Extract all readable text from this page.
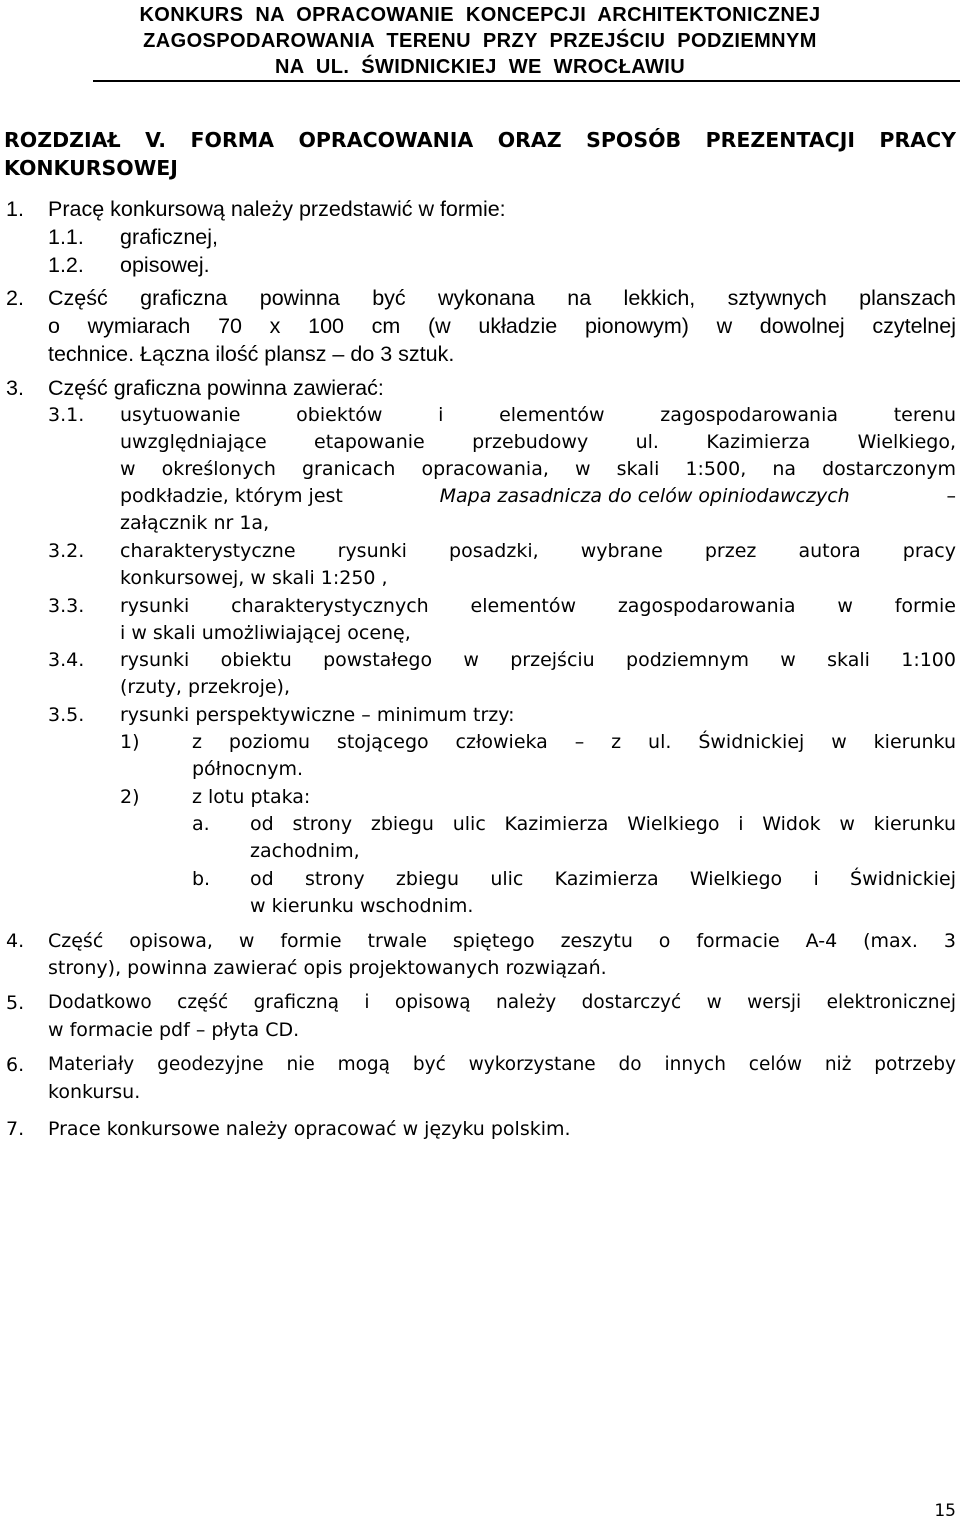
KONKURS NA OPRACOWANIE KONCEPCJI ARCHITEKTONICZNEJ
ZAGOSPODAROWANIA TERENU PRZY PRZEJŚCIU PODZIEMNYM
NA UL. ŚWIDNICKIEJ WE WROCŁAWIU
ROZDZIAŁ V. FORMA OPRACOWANIA ORAZ SPOSÓB PREZENTACJI PRACY
KONKURSOWEJ
1. Pracę konkursową należy przedstawić w formie:
1.1. graficznej,
1.2. opisowej.
2. Część graficzna powinna być wykonana na lekkich, sztywnych planszach
o wymiarach 70 x 100 cm (w układzie pionowym) w dowolnej czytelnej
technice. Łączna ilość plansz – do 3 sztuk.
3. Część graficzna powinna zawierać:
3.1. usytuowanie obiektów i elementów zagospodarowania terenu
uwzględniające etapowanie przebudowy ul. Kazimierza Wielkiego,
w określonych granicach opracowania, w skali 1:500, na dostarczonym
podkładzie, którym jest	Mapa zasadnicza do celów opiniodawczych	–
załącznik nr 1a,
3.2. charakterystyczne rysunki posadzki, wybrane przez autora pracy
konkursowej, w skali 1:250 ,
3.3. rysunki charakterystycznych elementów zagospodarowania w formie
i w skali umożliwiającej ocenę,
3.4. rysunki obiektu powstałego w przejściu podziemnym w skali 1:100
(rzuty, przekroje),
3.5. rysunki perspektywiczne – minimum trzy:
1)	z poziomu stojącego człowieka – z ul. Świdnickiej w kierunku
północnym.
2)	z lotu ptaka:
a. od strony zbiegu ulic Kazimierza Wielkiego i Widok w kierunku
zachodnim,
b. od strony zbiegu ulic Kazimierza Wielkiego i Świdnickiej
w kierunku wschodnim.
4. Część opisowa, w formie trwale spiętego zeszytu o formacie A-4 (max. 3
strony), powinna zawierać opis projektowanych rozwiązań.
5. Dodatkowo część graficzną i opisową należy dostarczyć w wersji elektronicznej
w formacie pdf – płyta CD.
6. Materiały geodezyjne nie mogą być wykorzystane do innych celów niż potrzeby
konkursu.
7. Prace konkursowe należy opracować w języku polskim.
15
